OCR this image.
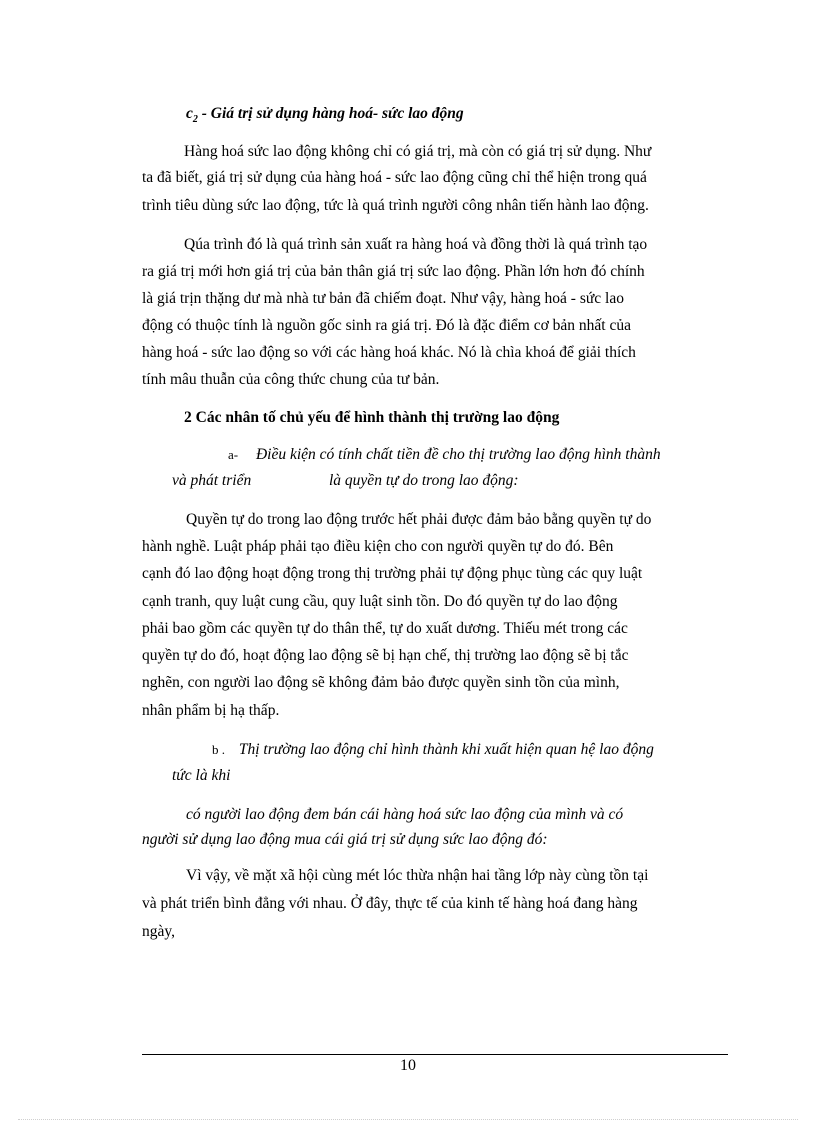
$c_2$ - Giá trị sử dụng hàng hoá- sức lao động
Hàng hoá sức lao động không chỉ có giá trị, mà còn có giá trị sử dụng. Như
ta đã biết, giá trị sử dụng của hàng hoá - sức lao động cũng chỉ thể hiện trong quá
trình tiêu dùng sức lao động, tức là quá trình người công nhân tiến hành lao động.
Qúa trình đó là quá trình sản xuất ra hàng hoá và đồng thời là quá trình tạo
ra giá trị mới hơn giá trị của bản thân giá trị sức lao động. Phần lớn hơn đó chính
là giá trịn thặng dư mà nhà tư bản đã chiếm đoạt. Như vậy, hàng hoá - sức lao
động có thuộc tính là nguồn gốc sinh ra giá trị. Đó là đặc điểm cơ bản nhất của
hàng hoá - sức lao động so với các hàng hoá khác. Nó là chìa khoá để giải thích
tính mâu thuẫn của công thức chung của tư bản.
2 Các nhân tố chủ yếu để hình thành thị trường lao động
a- Điều kiện có tính chất tiền đề cho thị trường lao động hình thành
và phát triển	là quyền tự do trong lao động:
Quyền tự do trong lao động trước hết phải được đảm bảo bằng quyền tự do
hành nghề. Luật pháp phải tạo điều kiện cho con người quyền tự do đó. Bên
cạnh đó lao động hoạt động trong thị trường phải tự động phục tùng các quy luật
cạnh tranh, quy luật cung cầu, quy luật sinh tồn. Do đó quyền tự do lao động
phải bao gồm các quyền tự do thân thể, tự do xuất dương. Thiếu mét trong các
quyền tự do đó, hoạt động lao động sẽ bị hạn chế, thị trường lao động sẽ bị tắc
nghẽn, con người lao động sẽ không đảm bảo được quyền sinh tồn của mình,
nhân phẩm bị hạ thấp.
b . Thị trường lao động chỉ hình thành khi xuất hiện quan hệ lao động
tức là khi
có người lao động đem bán cái hàng hoá sức lao động của mình và có
người sử dụng lao động mua cái giá trị sử dụng sức lao động đó:
Vì vậy, về mặt xã hội cùng mét lóc thừa nhận hai tầng lớp này cùng tồn tại
và phát triển bình đẳng với nhau. Ở đây, thực tế của kinh tế hàng hoá đang hàng
ngày,
10
